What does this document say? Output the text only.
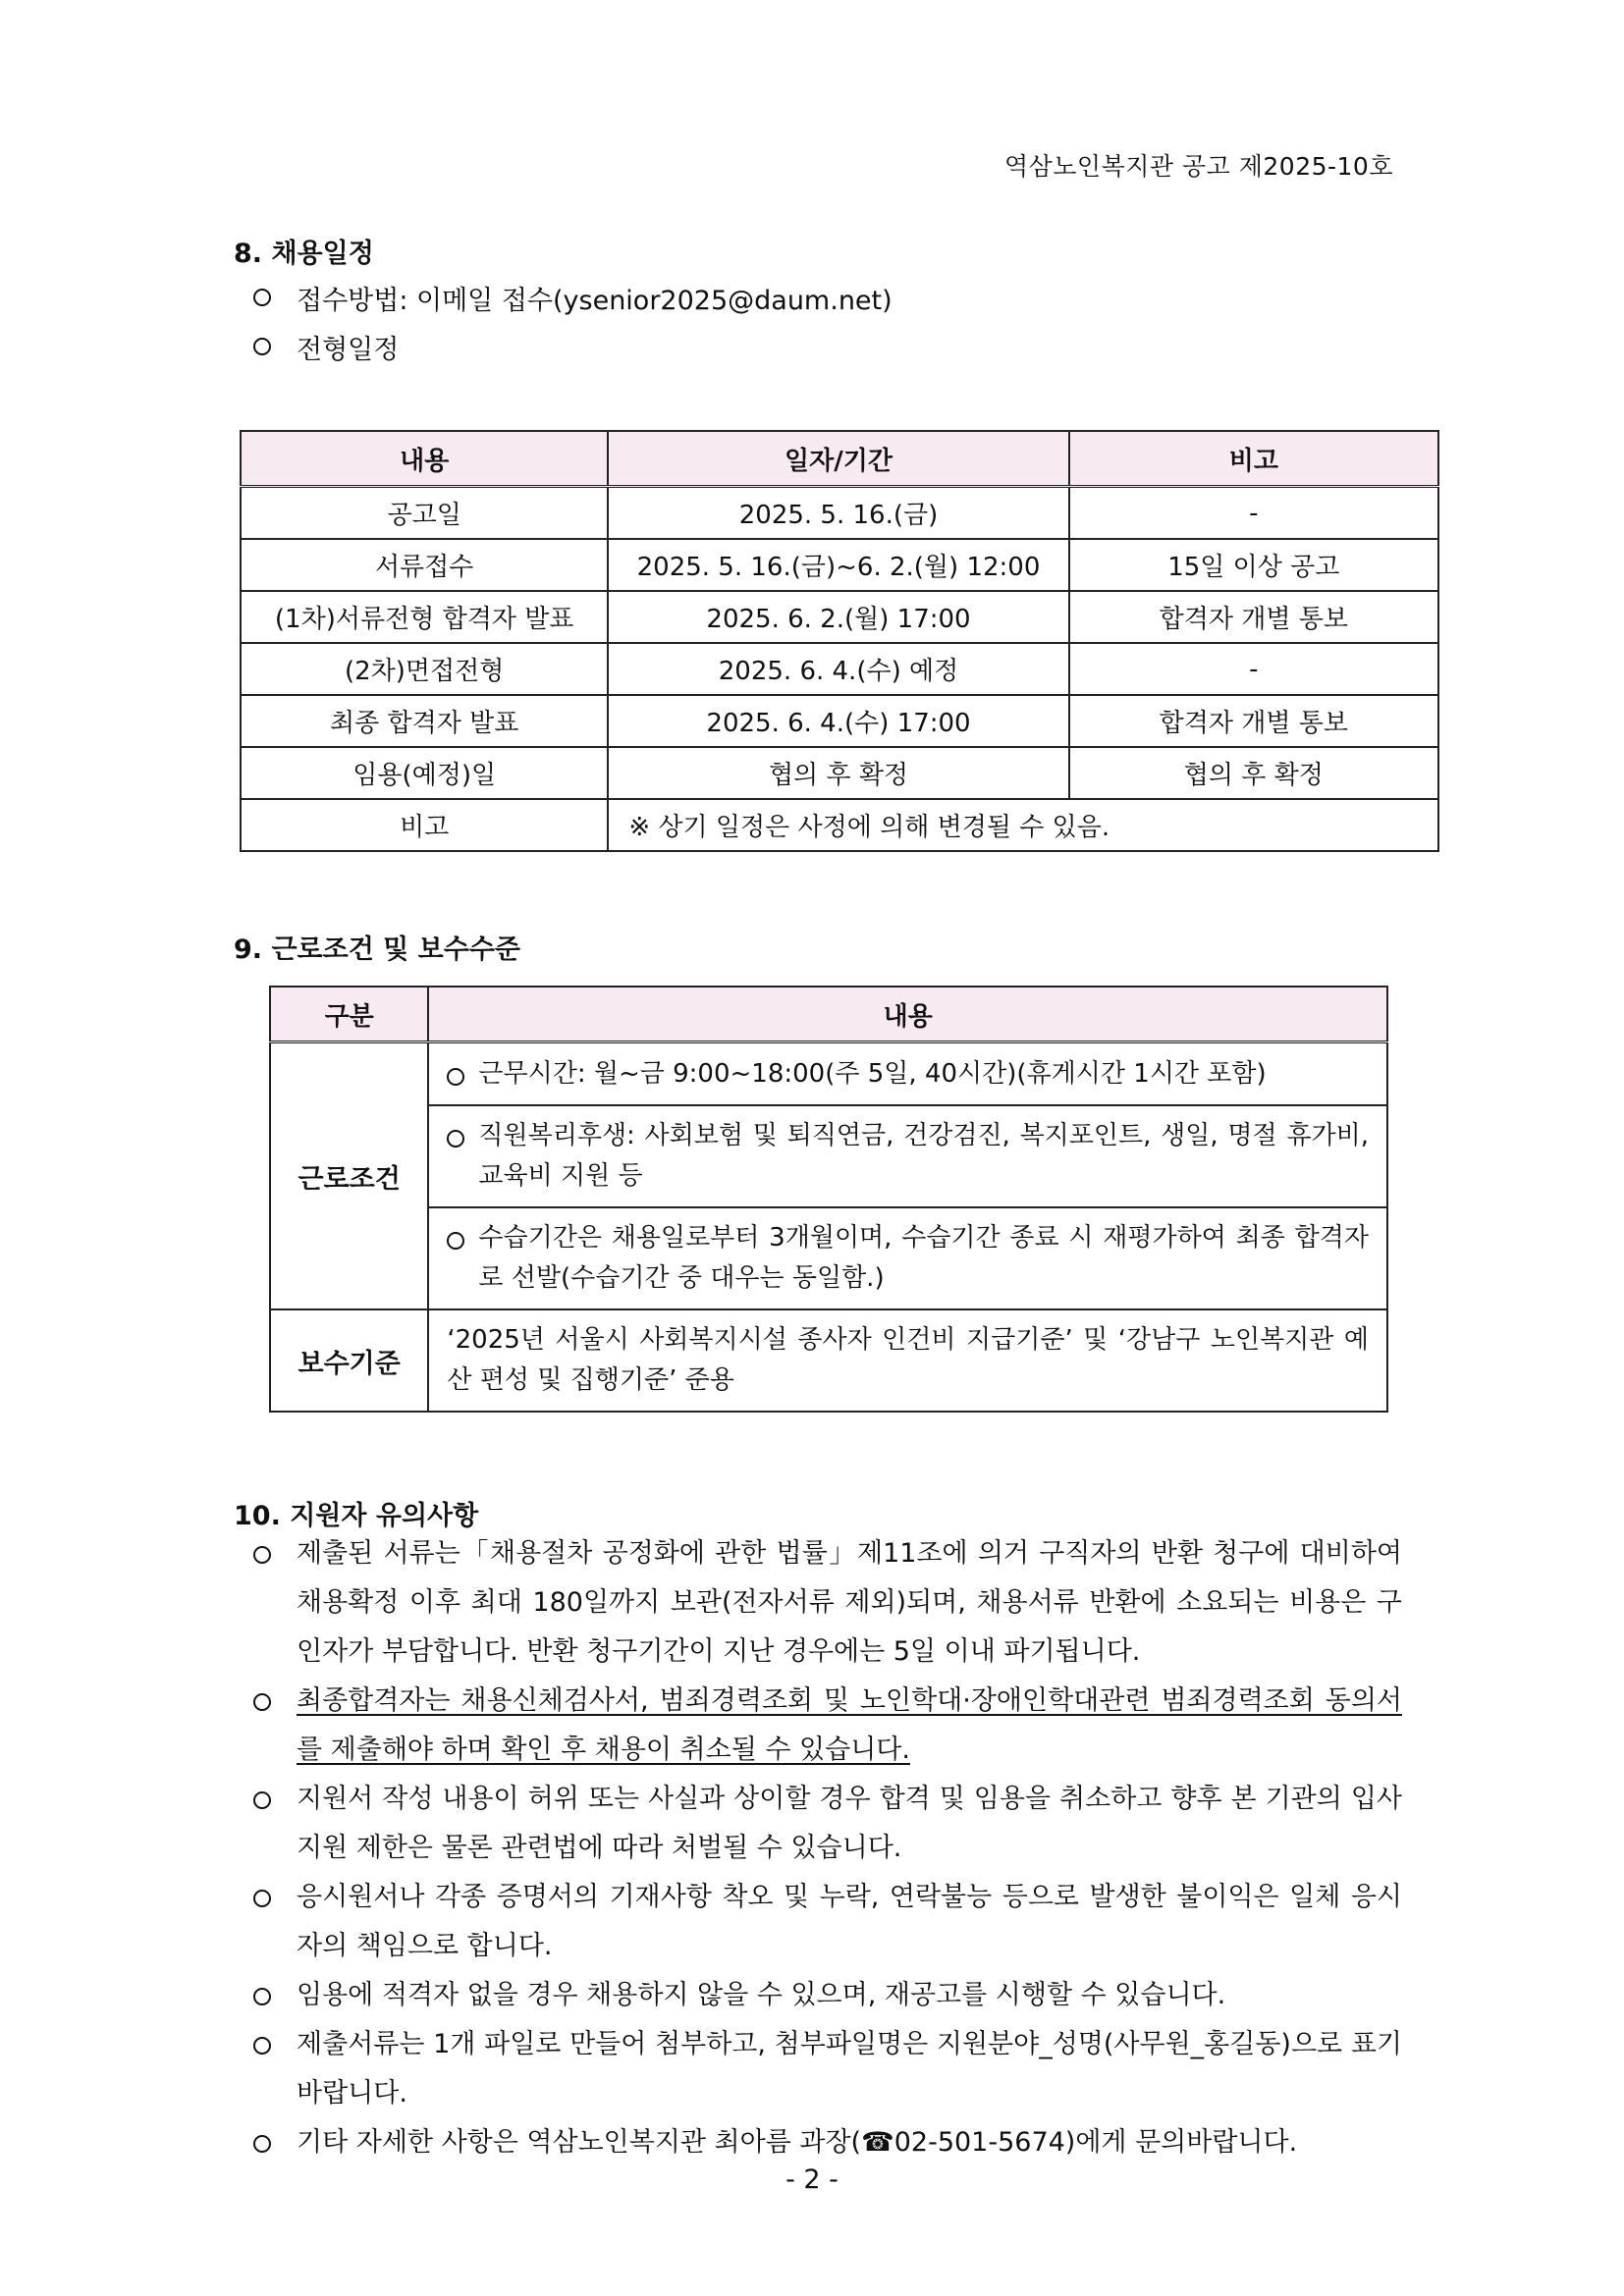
역삼노인복지관 공고 제2025-10호
8. 채용일정
접수방법: 이메일 접수(ysenior2025@daum.net)
전형일정
내용	일자/기간	비고
공고일	2025. 5. 16.(금)	-
서류접수	2025. 5. 16.(금)~6. 2.(월) 12:00	15일 이상 공고
(1차)서류전형 합격자 발표	2025. 6. 2.(월) 17:00	합격자 개별 통보
(2차)면접전형	2025. 6. 4.(수) 예정	-
최종 합격자 발표	2025. 6. 4.(수) 17:00	합격자 개별 통보
임용(예정)일	협의 후 확정	협의 후 확정
비고	※ 상기 일정은 사정에 의해 변경될 수 있음.	
9. 근로조건 및 보수수준
구분	내용
근로조건	근무시간: 월~금 9:00~18:00(주 5일, 40시간)(휴게시간 1시간 포함)

	직원복리후생: 사회보험 및 퇴직연금, 건강검진, 복지포인트, 생일, 명절 휴가비, 교육비 지원 등

	수습기간은 채용일로부터 3개월이며, 수습기간 종료 시 재평가하여 최종 합격자로 선발(수습기간 중 대우는 동일함.)

보수기준	‘2025년 서울시 사회복지시설 종사자 인건비 지급기준’ 및 ‘강남구 노인복지관 예산 편성 및 집행기준’ 준용
10. 지원자 유의사항
제출된 서류는「채용절차 공정화에 관한 법률」제11조에 의거 구직자의 반환 청구에 대비하여 채용확정 이후 최대 180일까지 보관(전자서류 제외)되며, 채용서류 반환에 소요되는 비용은 구인자가 부담합니다. 반환 청구기간이 지난 경우에는 5일 이내 파기됩니다.
최종합격자는 채용신체검사서, 범죄경력조회 및 노인학대·장애인학대관련 범죄경력조회 동의서를 제출해야 하며 확인 후 채용이 취소될 수 있습니다.
지원서 작성 내용이 허위 또는 사실과 상이할 경우 합격 및 임용을 취소하고 향후 본 기관의 입사지원 제한은 물론 관련법에 따라 처벌될 수 있습니다.
응시원서나 각종 증명서의 기재사항 착오 및 누락, 연락불능 등으로 발생한 불이익은 일체 응시자의 책임으로 합니다.
임용에 적격자 없을 경우 채용하지 않을 수 있으며, 재공고를 시행할 수 있습니다.
제출서류는 1개 파일로 만들어 첨부하고, 첨부파일명은 지원분야_성명(사무원_홍길동)으로 표기 바랍니다.
기타 자세한 사항은 역삼노인복지관 최아름 과장(☎02-501-5674)에게 문의바랍니다.
- 2 -
